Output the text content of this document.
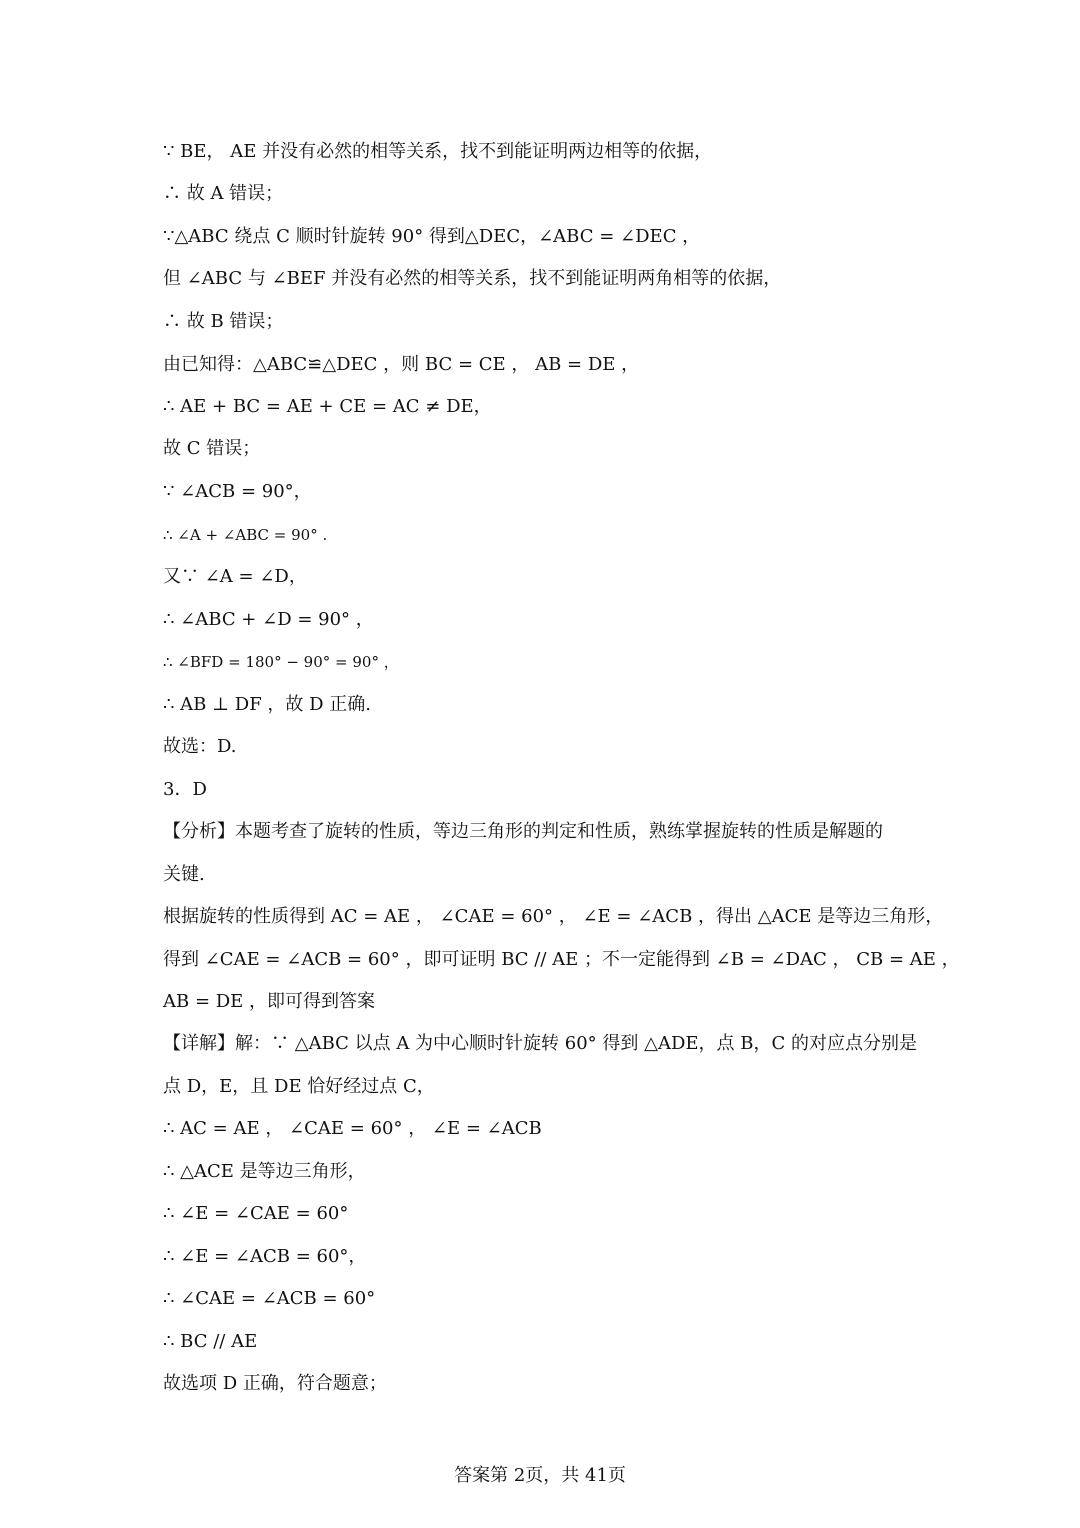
∵ BE， AE 并没有必然的相等关系，找不到能证明两边相等的依据，
∴ 故 A 错误；
∵△ABC 绕点 C 顺时针旋转 90° 得到△DEC，∠ABC = ∠DEC ，
但 ∠ABC 与 ∠BEF 并没有必然的相等关系，找不到能证明两角相等的依据，
∴ 故 B 错误；
由已知得：△ABC≌△DEC ，则 BC = CE ， AB = DE ，
∴ AE + BC = AE + CE = AC ≠ DE，
故 C 错误；
∵ ∠ACB = 90°，
∴ ∠A + ∠ABC = 90° .
又∵ ∠A = ∠D，
∴ ∠ABC + ∠D = 90° ，
∴ ∠BFD = 180° − 90° = 90° ，
∴ AB ⊥ DF ，故 D 正确.
故选：D.
3．D
【分析】本题考查了旋转的性质，等边三角形的判定和性质，熟练掌握旋转的性质是解题的
关键.
根据旋转的性质得到 AC = AE ， ∠CAE = 60° ， ∠E = ∠ACB ，得出 △ACE 是等边三角形，
得到 ∠CAE = ∠ACB = 60° ，即可证明 BC // AE ；不一定能得到 ∠B = ∠DAC ， CB = AE ，
AB = DE ，即可得到答案
【详解】解：∵ △ABC 以点 A 为中心顺时针旋转 60° 得到 △ADE，点 B，C 的对应点分别是
点 D，E，且 DE 恰好经过点 C，
∴ AC = AE ， ∠CAE = 60° ， ∠E = ∠ACB
∴ △ACE 是等边三角形，
∴ ∠E = ∠CAE = 60°
∴ ∠E = ∠ACB = 60°，
∴ ∠CAE = ∠ACB = 60°
∴ BC // AE
故选项 D 正确，符合题意；
答案第 2页，共 41页
